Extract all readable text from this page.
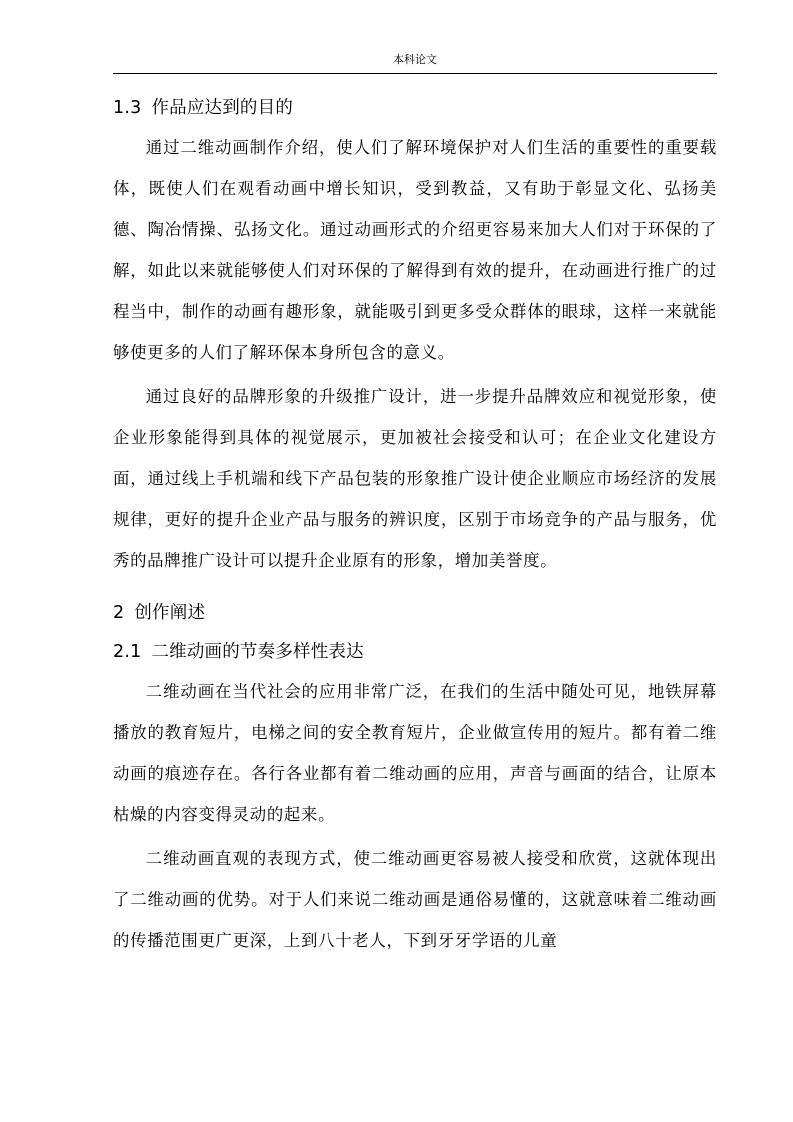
本科论文
1.3 作品应达到的目的

通过二维动画制作介绍，使人们了解环境保护对人们生活的重要性的重要载体，既使人们在观看动画中增长知识，受到教益，又有助于彰显文化、弘扬美德、陶冶情操、弘扬文化。通过动画形式的介绍更容易来加大人们对于环保的了解，如此以来就能够使人们对环保的了解得到有效的提升，在动画进行推广的过程当中，制作的动画有趣形象，就能吸引到更多受众群体的眼球，这样一来就能够使更多的人们了解环保本身所包含的意义。

通过良好的品牌形象的升级推广设计，进一步提升品牌效应和视觉形象，使企业形象能得到具体的视觉展示，更加被社会接受和认可；在企业文化建设方面，通过线上手机端和线下产品包装的形象推广设计使企业顺应市场经济的发展规律，更好的提升企业产品与服务的辨识度，区别于市场竞争的产品与服务，优秀的品牌推广设计可以提升企业原有的形象，增加美誉度。

2 创作阐述
2.1 二维动画的节奏多样性表达

二维动画在当代社会的应用非常广泛，在我们的生活中随处可见，地铁屏幕播放的教育短片，电梯之间的安全教育短片，企业做宣传用的短片。都有着二维动画的痕迹存在。各行各业都有着二维动画的应用，声音与画面的结合，让原本枯燥的内容变得灵动的起来。

二维动画直观的表现方式，使二维动画更容易被人接受和欣赏，这就体现出了二维动画的优势。对于人们来说二维动画是通俗易懂的，这就意味着二维动画的传播范围更广更深，上到八十老人，下到牙牙学语的儿童
